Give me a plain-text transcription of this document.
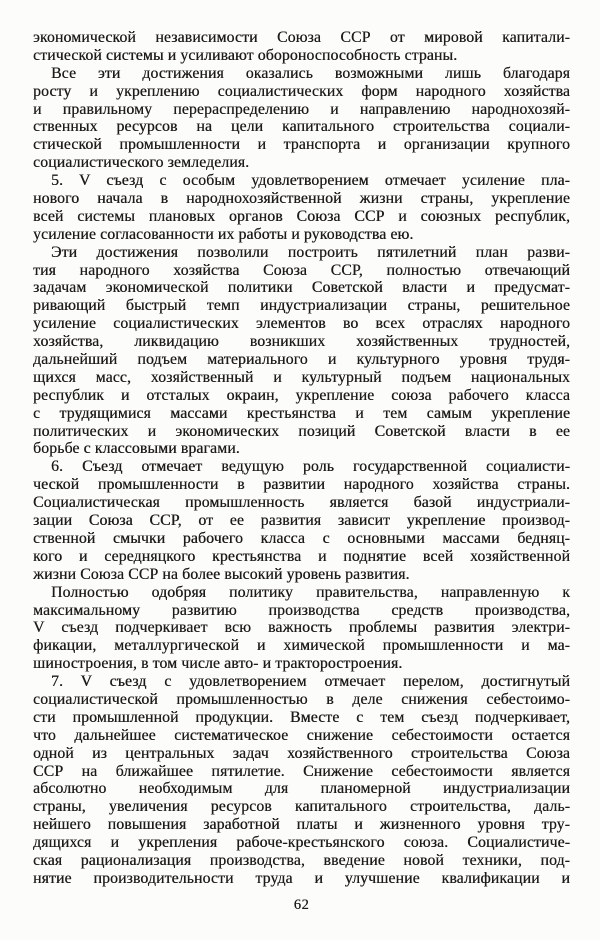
экономической независимости Союза ССР от мировой капитали-
стической системы и усиливают обороноспособность страны.
Все эти достижения оказались возможными лишь благодаря
росту и укреплению социалистических форм народного хозяйства
и правильному перераспределению и направлению народнохозяй-
ственных ресурсов на цели капитального строительства социали-
стической промышленности и транспорта и организации крупного
социалистического земледелия.
5. V съезд с особым удовлетворением отмечает усиление пла-
нового начала в народнохозяйственной жизни страны, укрепление
всей системы плановых органов Союза ССР и союзных республик,
усиление согласованности их работы и руководства ею.
Эти достижения позволили построить пятилетний план разви-
тия народного хозяйства Союза ССР, полностью отвечающий
задачам экономической политики Советской власти и предусмат-
ривающий быстрый темп индустриализации страны, решительное
усиление социалистических элементов во всех отраслях народного
хозяйства, ликвидацию возникших хозяйственных трудностей,
дальнейший подъем материального и культурного уровня трудя-
щихся масс, хозяйственный и культурный подъем национальных
республик и отсталых окраин, укрепление союза рабочего класса
с трудящимися массами крестьянства и тем самым укрепление
политических и экономических позиций Советской власти в ее
борьбе с классовыми врагами.
6. Съезд отмечает ведущую роль государственной социалисти-
ческой промышленности в развитии народного хозяйства страны.
Социалистическая промышленность является базой индустриали-
зации Союза ССР, от ее развития зависит укрепление производ-
ственной смычки рабочего класса с основными массами бедняц-
кого и середняцкого крестьянства и поднятие всей хозяйственной
жизни Союза ССР на более высокий уровень развития.
Полностью одобряя политику правительства, направленную к
максимальному развитию производства средств производства,
V съезд подчеркивает всю важность проблемы развития электри-
фикации, металлургической и химической промышленности и ма-
шиностроения, в том числе авто- и тракторостроения.
7. V съезд с удовлетворением отмечает перелом, достигнутый
социалистической промышленностью в деле снижения себестоимо-
сти промышленной продукции. Вместе с тем съезд подчеркивает,
что дальнейшее систематическое снижение себестоимости остается
одной из центральных задач хозяйственного строительства Союза
ССР на ближайшее пятилетие. Снижение себестоимости является
абсолютно необходимым для планомерной индустриализации
страны, увеличения ресурсов капитального строительства, даль-
нейшего повышения заработной платы и жизненного уровня тру-
дящихся и укрепления рабоче-крестьянского союза. Социалистиче-
ская рационализация производства, введение новой техники, под-
нятие производительности труда и улучшение квалификации и
62
